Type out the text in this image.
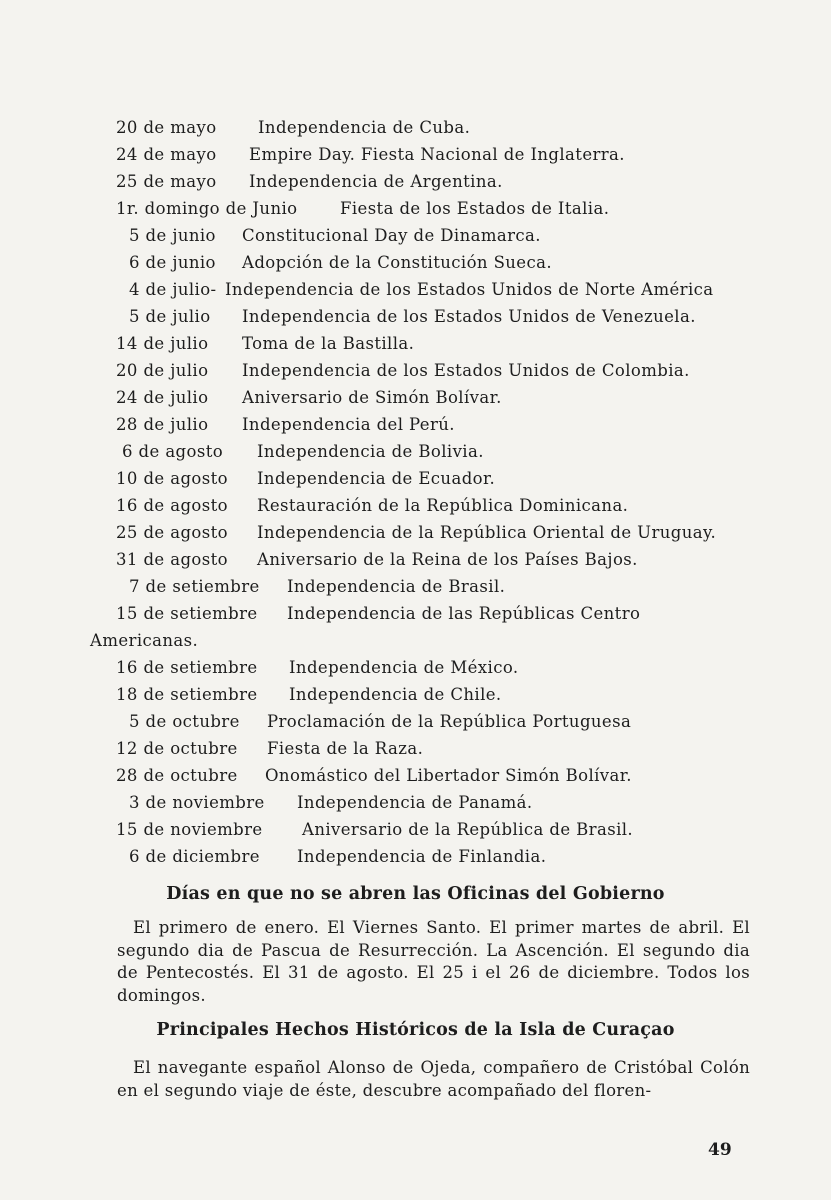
20 de mayo	Independencia de Cuba.
24 de mayo Empire Day. Fiesta Nacional de Inglaterra.
25 de mayo Independencia de Argentina.
1r. domingo de Junio	Fiesta de los Estados de Italia.
5 de junio Constitucional Day de Dinamarca.
6 de junio Adopción de la Constitución Sueca.
4 de julio- Independencia de los Estados Unidos de Norte América
5 de julio Independencia de los Estados Unidos de Venezuela.
14 de julio Toma de la Bastilla.
20 de julio Independencia de los Estados Unidos de Colombia.
24 de julio Aniversario de Simón Bolívar.
28 de julio Independencia del Perú.
6 de agosto Independencia de Bolivia.
10 de agosto Independencia de Ecuador.
16 de agosto Restauración de la República Dominicana.
25 de agosto Independencia de la República Oriental de Uruguay.
31 de agosto Aniversario de la Reina de los Países Bajos.
7 de setiembre Independencia de Brasil.
15 de setiembre Independencia de las Repúblicas Centro
Americanas.
16 de setiembre Independencia de México.
18 de setiembre Independencia de Chile.
5 de octubre Proclamación de la República Portuguesa
12 de octubre Fiesta de la Raza.
28 de octubre Onomástico del Libertador Simón Bolívar.
3 de noviembre Independencia de Panamá.
15 de noviembre Aniversario de la República de Brasil.
6 de diciembre Independencia de Finlandia.
Días en que no se abren las Oficinas del Gobierno
El primero de enero. El Viernes Santo. El primer martes de abril. El segundo dia de Pascua de Resurrección. La Ascención. El segundo dia de Pentecostés. El 31 de agosto. El 25 i el 26 de diciembre. Todos los domingos.
Principales Hechos Históricos de la Isla de Curaçao
El navegante español Alonso de Ojeda, compañero de Cristóbal Colón en el segundo viaje de éste, descubre acompañado del floren-
49
